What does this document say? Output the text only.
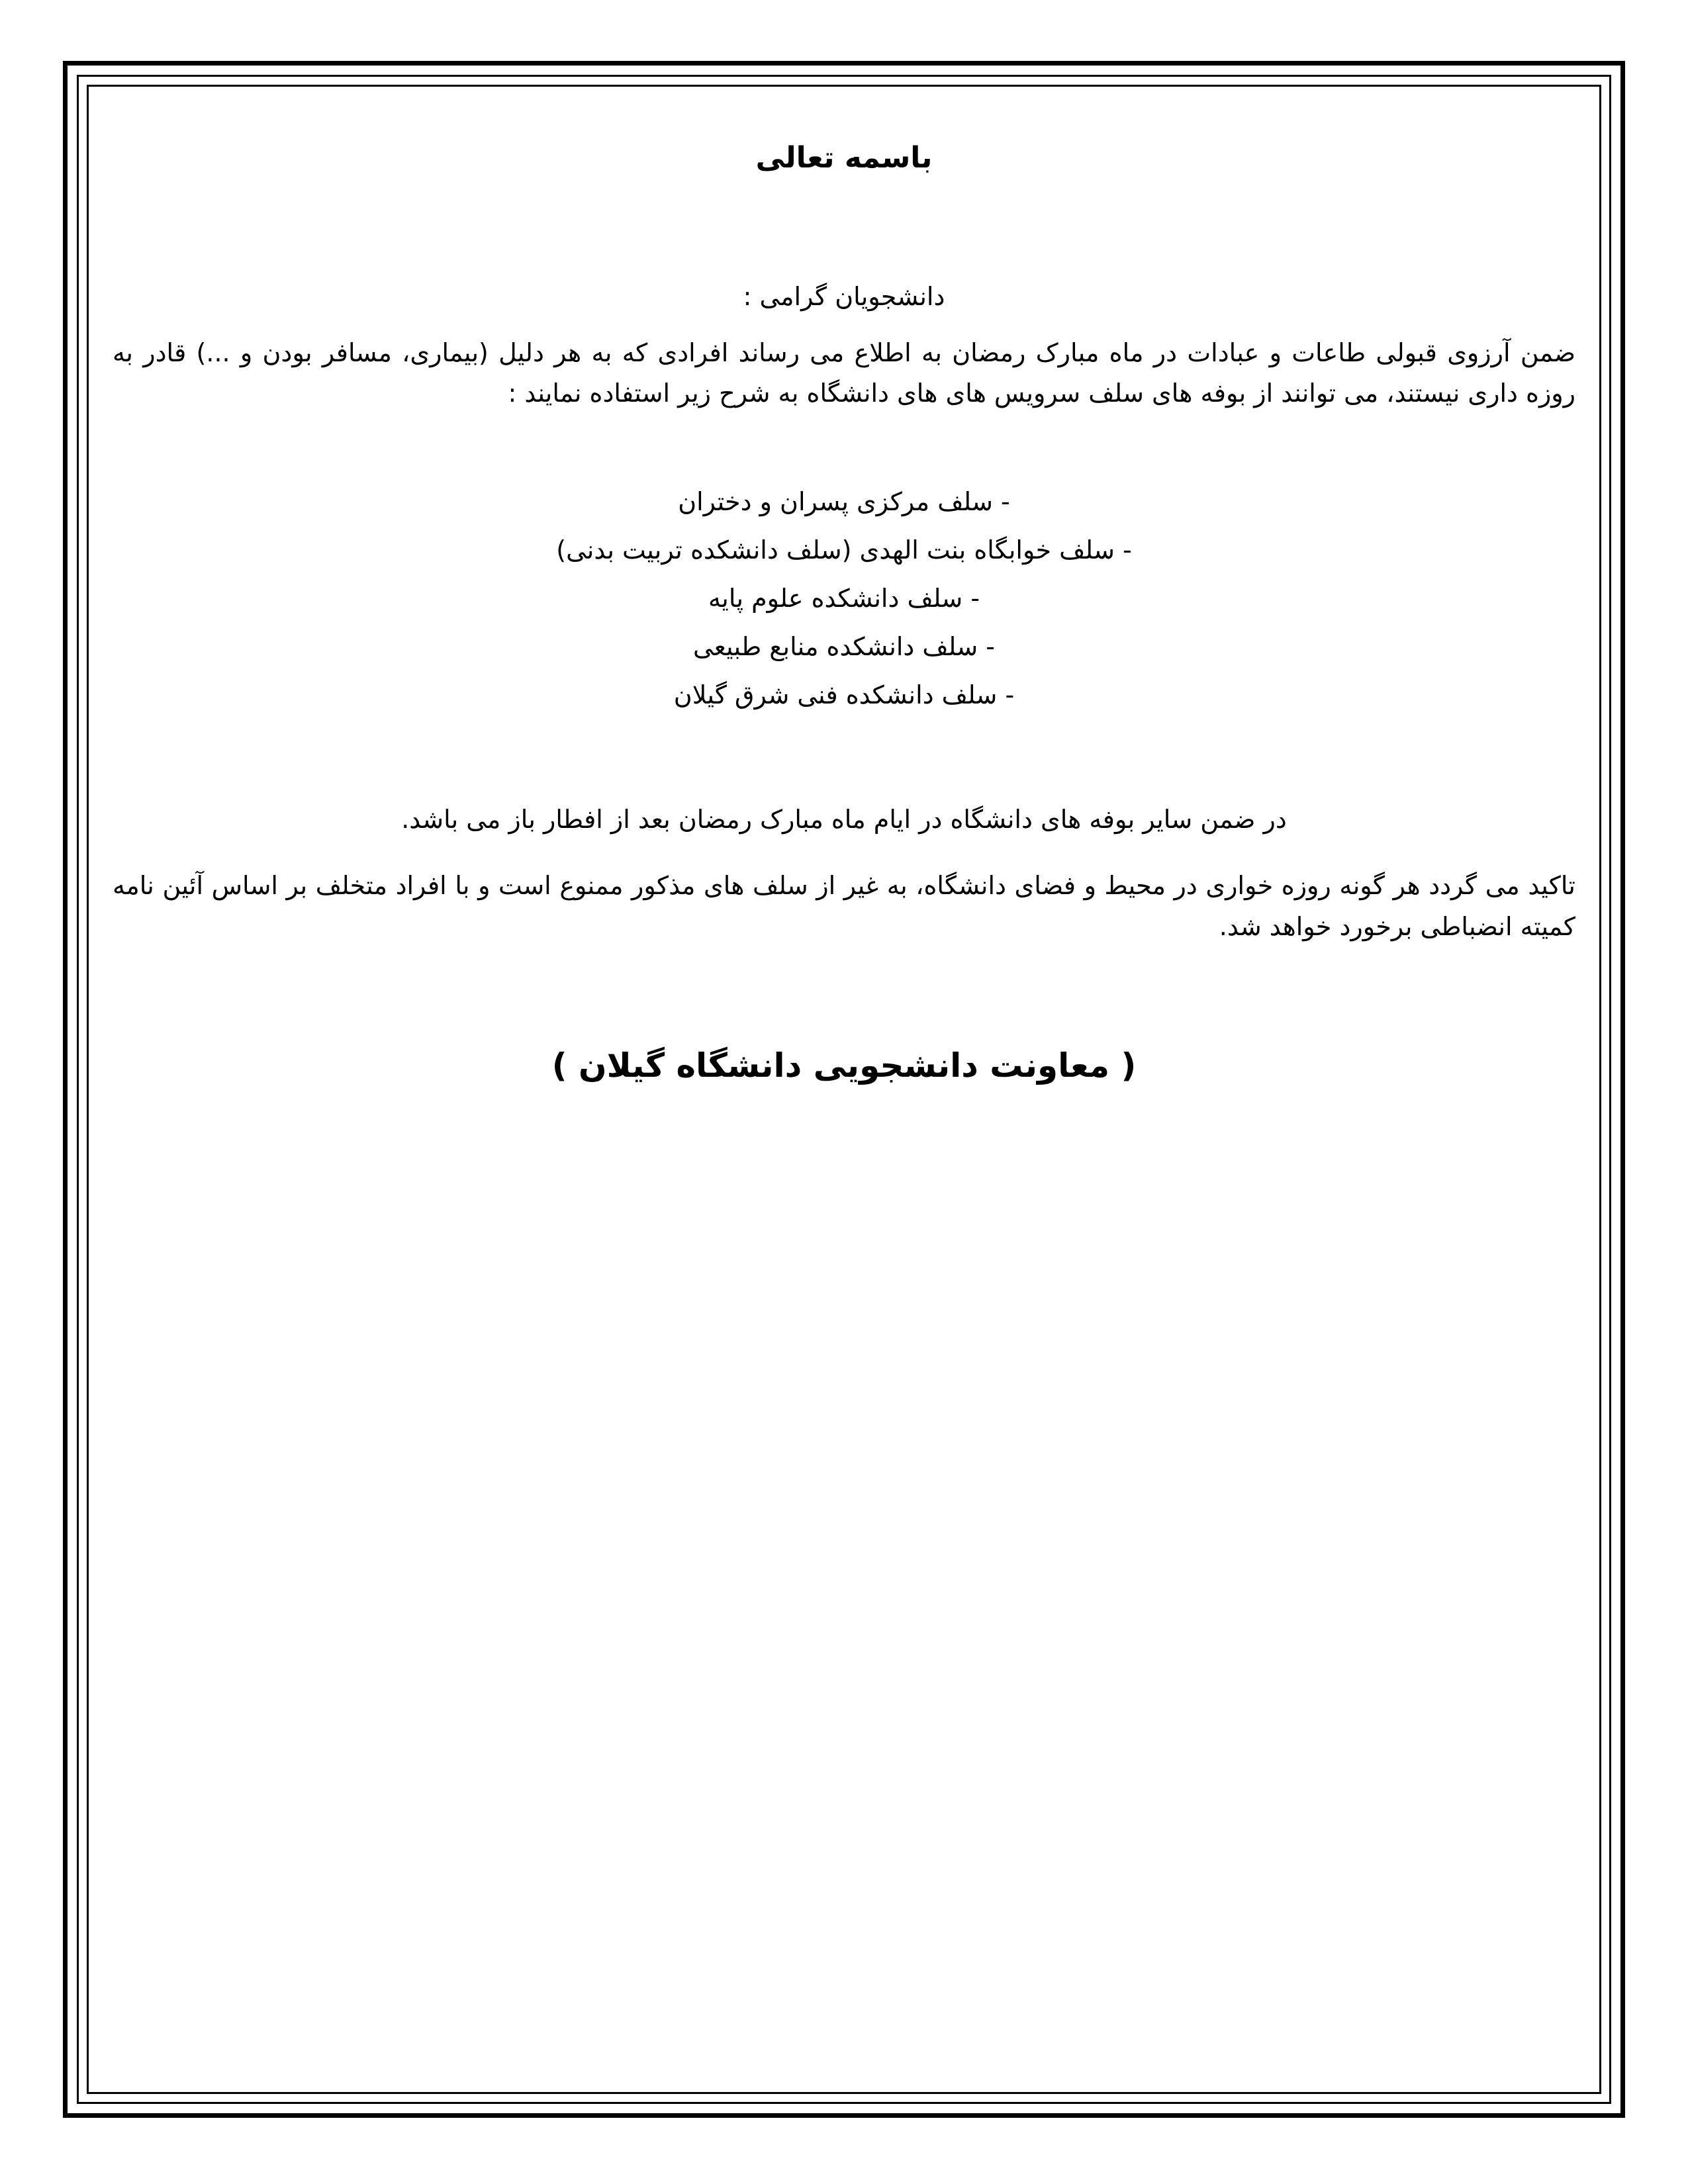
باسمه تعالی
دانشجویان گرامی :

ضمن آرزوی قبولی طاعات و عبادات در ماه مبارک رمضان به اطلاع می رساند افرادی که به هر دلیل (بیماری، مسافر بودن و ...) قادر به روزه داری نیستند، می توانند از بوفه های سلف سرویس های های دانشگاه به شرح زیر استفاده نمایند :

- سلف مرکزی پسران و دختران
- سلف خوابگاه بنت الهدی (سلف دانشکده تربیت بدنی)
- سلف دانشکده علوم پایه
- سلف دانشکده منابع طبیعی
- سلف دانشکده فنی شرق گیلان

در ضمن سایر بوفه های دانشگاه در ایام ماه مبارک رمضان بعد از افطار باز می باشد.

تاکید می گردد هر گونه روزه خواری در محیط و فضای دانشگاه، به غیر از سلف های مذکور ممنوع است و با افراد متخلف بر اساس آئین نامه کمیته انضباطی برخورد خواهد شد.

( معاونت دانشجویی دانشگاه گیلان )
